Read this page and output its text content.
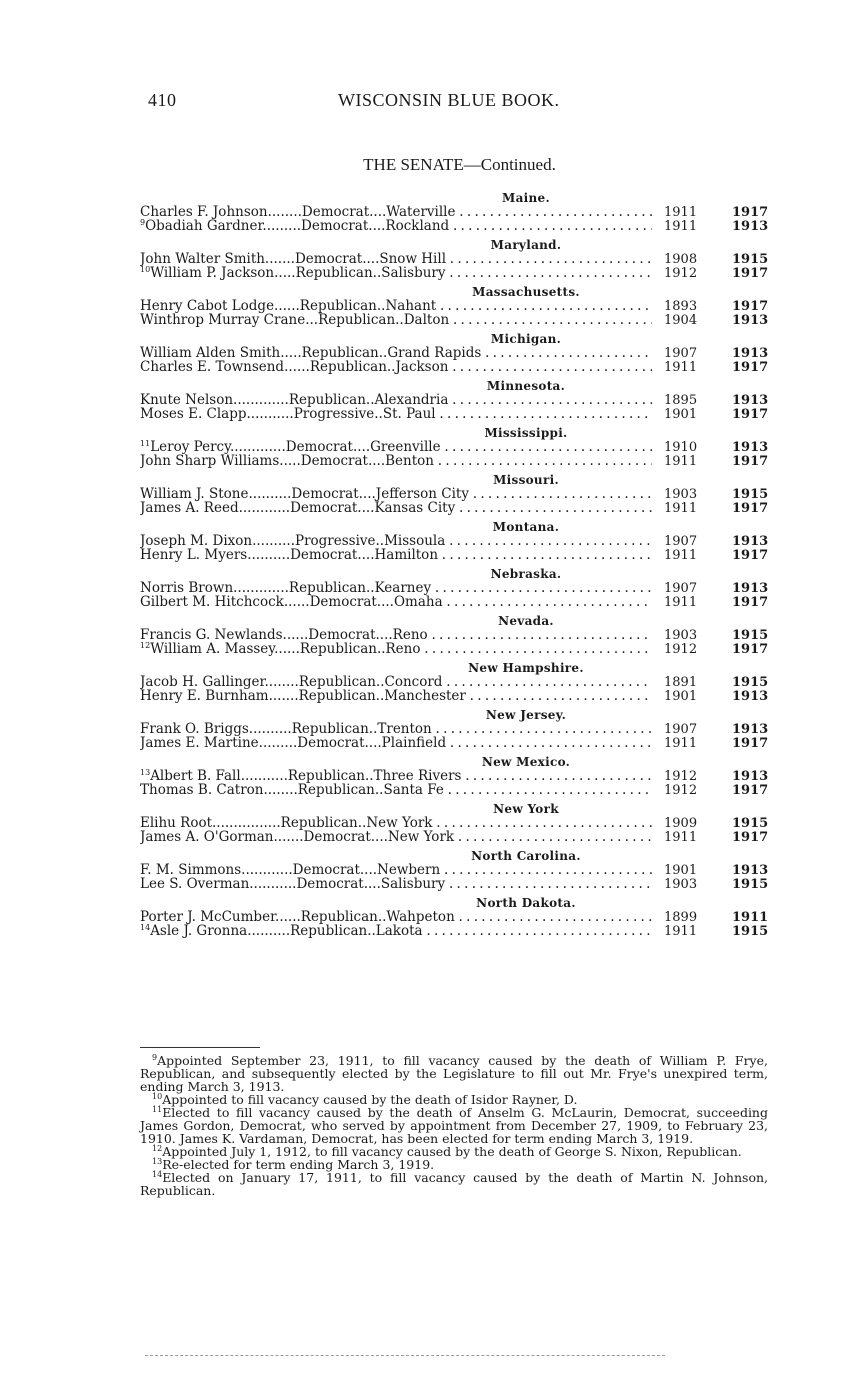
410	WISCONSIN BLUE BOOK.
THE SENATE—Continued.
Maine.
Charles F. Johnson........Democrat....Waterville . . .	1911	1917
$^9$Obadiah Gardner.........Democrat....Rockland . . .	1911	1913
Maryland.
John Walter Smith.......Democrat....Snow Hill . . .	1908	1915
$^{10}$William P. Jackson.....Republican..Salisbury . . .	1912	1917
Massachusetts.
Henry Cabot Lodge......Republican..Nahant . . .	1893	1917
Winthrop Murray Crane...Republican..Dalton . . .	1904	1913
Michigan.
William Alden Smith.....Republican..Grand Rapids . . .	1907	1913
Charles E. Townsend......Republican..Jackson . . .	1911	1917
Minnesota.
Knute Nelson.............Republican..Alexandria . . .	1895	1913
Moses E. Clapp...........Progressive..St. Paul . . .	1901	1917
Mississippi.
$^{11}$Leroy Percy.............Democrat....Greenville . . .	1910	1913
John Sharp Williams.....Democrat....Benton . . .	1911	1917
Missouri.
William J. Stone..........Democrat....Jefferson City . . .	1903	1915
James A. Reed............Democrat....Kansas City . . .	1911	1917
Montana.
Joseph M. Dixon..........Progressive..Missoula . . .	1907	1913
Henry L. Myers..........Democrat....Hamilton . . .	1911	1917
Nebraska.
Norris Brown.............Republican..Kearney . . .	1907	1913
Gilbert M. Hitchcock......Democrat....Omaha . . .	1911	1917
Nevada.
Francis G. Newlands......Democrat....Reno . . .	1903	1915
$^{12}$William A. Massey......Republican..Reno . . .	1912	1917
New Hampshire.
Jacob H. Gallinger........Republican..Concord . . .	1891	1915
Henry E. Burnham.......Republican..Manchester . . .	1901	1913
New Jersey.
Frank O. Briggs..........Republican..Trenton . . .	1907	1913
James E. Martine.........Democrat....Plainfield . . .	1911	1917
New Mexico.
$^{13}$Albert B. Fall...........Republican..Three Rivers . . .	1912	1913
Thomas B. Catron........Republican..Santa Fe . . .	1912	1917
New York
Elihu Root................Republican..New York . . .	1909	1915
James A. O'Gorman.......Democrat....New York . . .	1911	1917
North Carolina.
F. M. Simmons............Democrat....Newbern . . .	1901	1913
Lee S. Overman...........Democrat....Salisbury . . .	1903	1915
North Dakota.
Porter J. McCumber......Republican..Wahpeton . . .	1899	1911
$^{14}$Asle J. Gronna..........Republican..Lakota . . .	1911	1915

$^9$Appointed September 23, 1911, to fill vacancy caused by the death of William P. Frye, Republican, and subsequently elected by the Legislature to fill out Mr. Frye's unexpired term, ending March 3, 1913.

$^{10}$Appointed to fill vacancy caused by the death of Isidor Rayner, D.

$^{11}$Elected to fill vacancy caused by the death of Anselm G. McLaurin, Democrat, succeeding James Gordon, Democrat, who served by appointment from December 27, 1909, to February 23, 1910. James K. Vardaman, Democrat, has been elected for term ending March 3, 1919.

$^{12}$Appointed July 1, 1912, to fill vacancy caused by the death of George S. Nixon, Republican.

$^{13}$Re-elected for term ending March 3, 1919.

$^{14}$Elected on January 17, 1911, to fill vacancy caused by the death of Martin N. Johnson, Republican.
